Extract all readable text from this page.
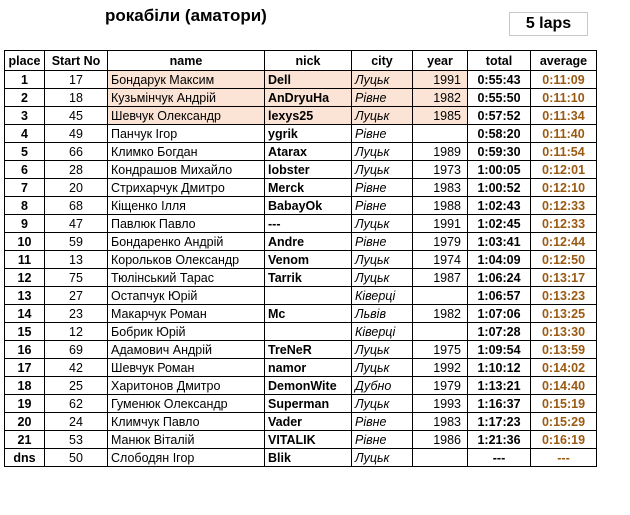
рокабіли (аматори)	5 laps
place	Start No	name	nick	city	year	total	average
1	17	Бондарук Максим	Dell	Луцьк	1991	0:55:43	0:11:09
2	18	Кузьмінчук Андрій	AnDryuHa	Рівне	1982	0:55:50	0:11:10
3	45	Шевчук Олександр	lexys25	Луцьк	1985	0:57:52	0:11:34
4	49	Панчук Ігор	ygrik	Рівне		0:58:20	0:11:40
5	66	Климко Богдан	Atarax	Луцьк	1989	0:59:30	0:11:54
6	28	Кондрашов Михайло	lobster	Луцьк	1973	1:00:05	0:12:01
7	20	Стрихарчук Дмитро	Merck	Рівне	1983	1:00:52	0:12:10
8	68	Кіщенко Ілля	BabayOk	Рівне	1988	1:02:43	0:12:33
9	47	Павлюк Павло	---	Луцьк	1991	1:02:45	0:12:33
10	59	Бондаренко Андрій	Andre	Рівне	1979	1:03:41	0:12:44
11	13	Корольков Олександр	Venom	Луцьк	1974	1:04:09	0:12:50
12	75	Тюлінський Тарас	Tarrik	Луцьк	1987	1:06:24	0:13:17
13	27	Остапчук Юрій		Ківерці		1:06:57	0:13:23
14	23	Макарчук Роман	Mc	Львів	1982	1:07:06	0:13:25
15	12	Бобрик Юрій		Ківерці		1:07:28	0:13:30
16	69	Адамович Андрій	TreNeR	Луцьк	1975	1:09:54	0:13:59
17	42	Шевчук Роман	namor	Луцьк	1992	1:10:12	0:14:02
18	25	Харитонов Дмитро	DemonWite	Дубно	1979	1:13:21	0:14:40
19	62	Гуменюк Олександр	Superman	Луцьк	1993	1:16:37	0:15:19
20	24	Климчук Павло	Vader	Рівне	1983	1:17:23	0:15:29
21	53	Манюк Віталій	VITALIK	Рівне	1986	1:21:36	0:16:19
dns	50	Слободян Ігор	Blik	Луцьк		---	---
